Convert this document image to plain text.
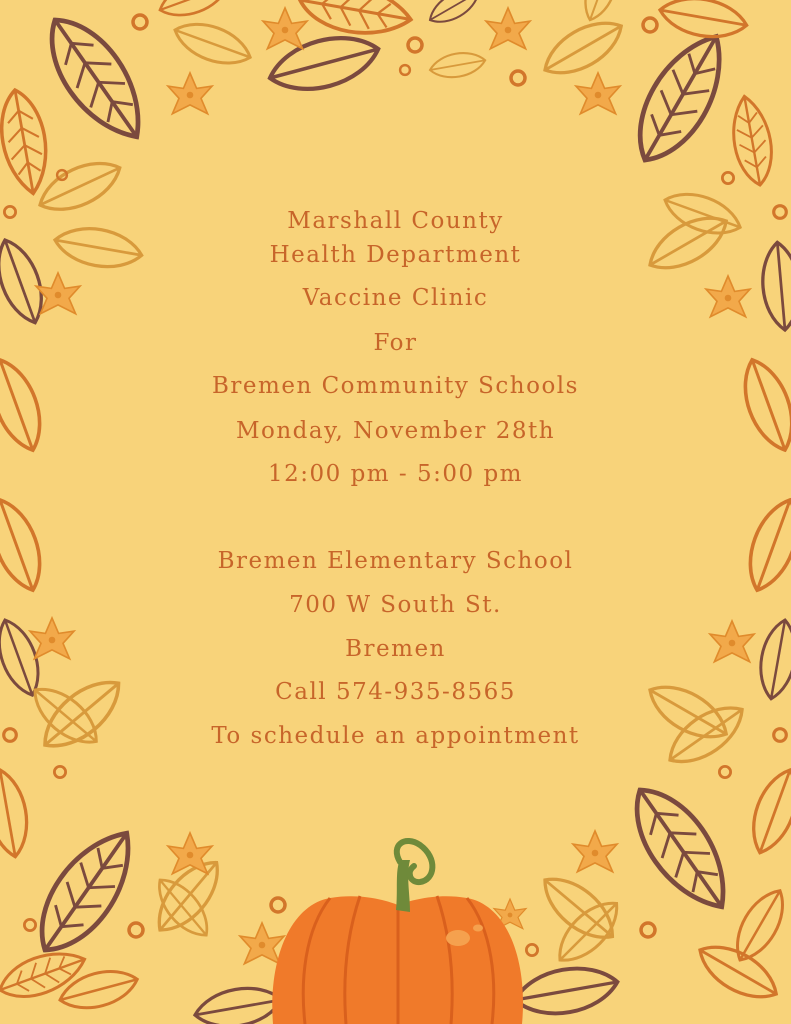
Marshall County
Health Department
Vaccine Clinic
For
Bremen Community Schools
Monday, November 28th
12:00 pm - 5:00 pm
Bremen Elementary School
700 W South St.
Bremen
Call 574-935-8565
To schedule an appointment
